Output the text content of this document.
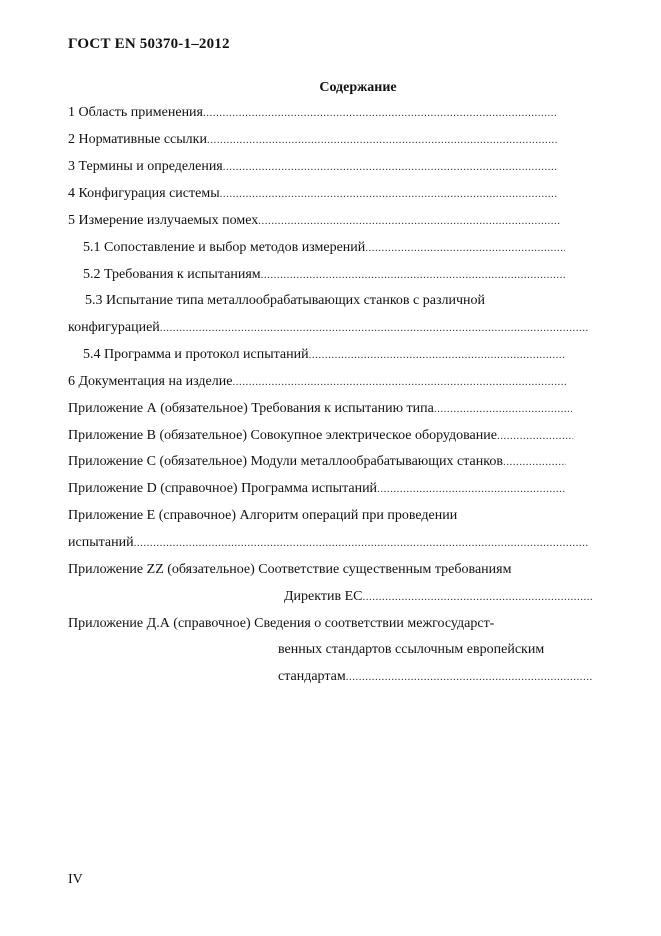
ГОСТ EN 50370-1–2012
Содержание
1 Область применения
.....
2 Нормативные ссылки
.....
3 Термины и определения
.....
4 Конфигурация системы
.....
5 Измерение излучаемых помех
.....
5.1 Сопоставление и выбор методов измерений
.....
5.2 Требования к испытаниям
.....
5.3 Испытание типа металлообрабатывающих станков с различной
конфигурацией
.....
5.4 Программа и протокол испытаний
.....
6 Документация на изделие
.....
Приложение А (обязательное) Требования к испытанию типа
.....
Приложение В (обязательное) Совокупное электрическое оборудование
.....
Приложение С (обязательное) Модули металлообрабатывающих станков
.....
Приложение D (справочное) Программа испытаний
.....
Приложение Е (справочное) Алгоритм операций при проведении
испытаний
.....
Приложение ZZ (обязательное) Соответствие существенным требованиям
Директив ЕС
.....
Приложение Д.А (справочное) Сведения о соответствии межгосударст-
венных стандартов ссылочным европейским
стандартам
.....
IV
